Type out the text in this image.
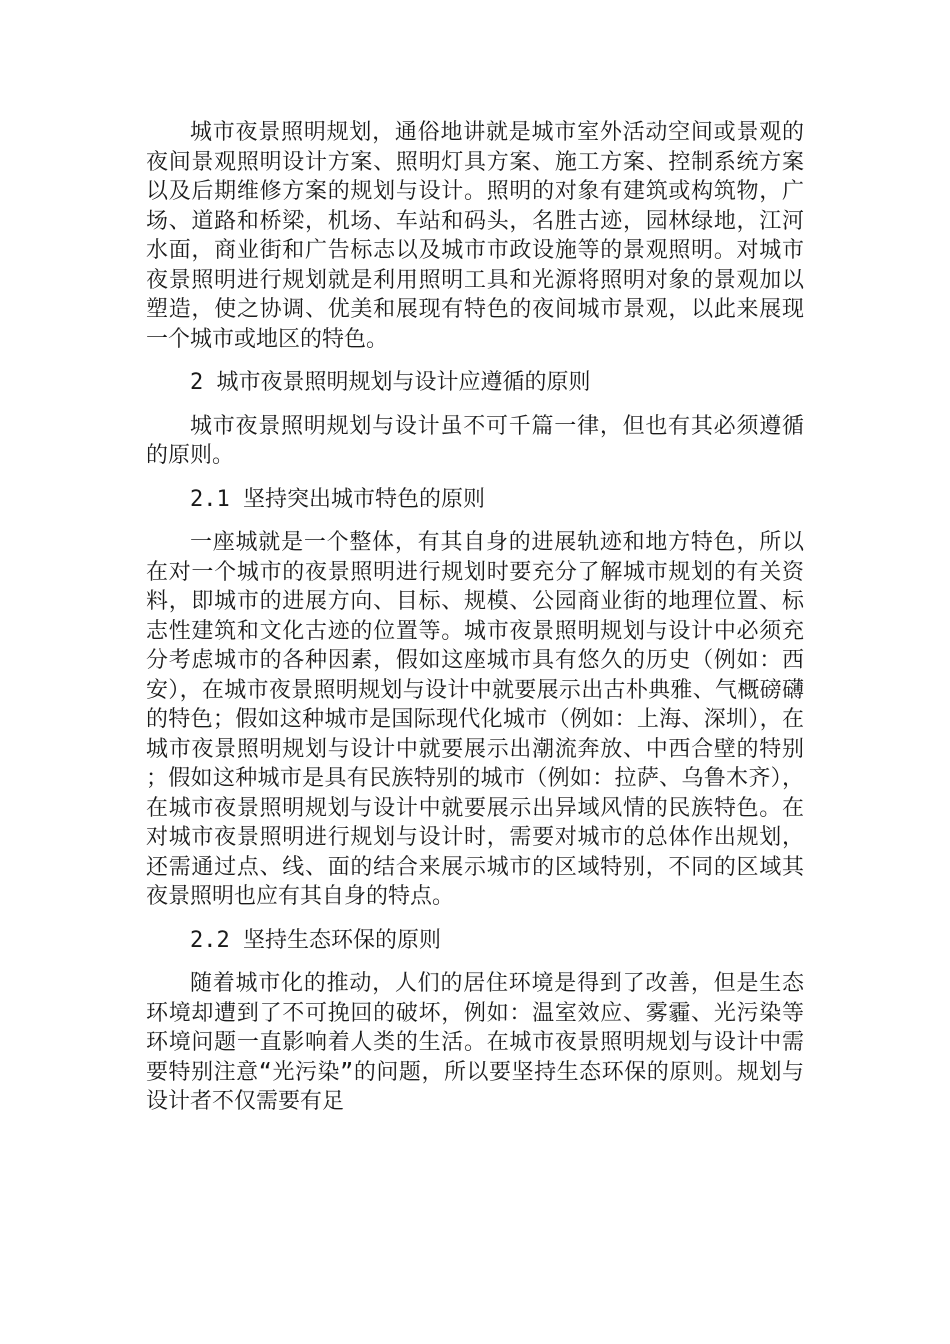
城市夜景照明规划，通俗地讲就是城市室外活动空间或景观的夜间景观照明设计方案、照明灯具方案、施工方案、控制系统方案以及后期维修方案的规划与设计。照明的对象有建筑或构筑物，广场、道路和桥梁，机场、车站和码头，名胜古迹，园林绿地，江河水面，商业街和广告标志以及城市市政设施等的景观照明。对城市夜景照明进行规划就是利用照明工具和光源将照明对象的景观加以塑造，使之协调、优美和展现有特色的夜间城市景观，以此来展现一个城市或地区的特色。

2 城市夜景照明规划与设计应遵循的原则

城市夜景照明规划与设计虽不可千篇一律，但也有其必须遵循的原则。

2.1 坚持突出城市特色的原则

一座城就是一个整体，有其自身的进展轨迹和地方特色，所以在对一个城市的夜景照明进行规划时要充分了解城市规划的有关资料，即城市的进展方向、目标、规模、公园商业街的地理位置、标志性建筑和文化古迹的位置等。城市夜景照明规划与设计中必须充分考虑城市的各种因素，假如这座城市具有悠久的历史（例如：西安），在城市夜景照明规划与设计中就要展示出古朴典雅、气概磅礴的特色；假如这种城市是国际现代化城市（例如：上海、深圳），在城市夜景照明规划与设计中就要展示出潮流奔放、中西合壁的特别；假如这种城市是具有民族特别的城市（例如：拉萨、乌鲁木齐），在城市夜景照明规划与设计中就要展示出异域风情的民族特色。在对城市夜景照明进行规划与设计时，需要对城市的总体作出规划，还需通过点、线、面的结合来展示城市的区域特别，不同的区域其夜景照明也应有其自身的特点。

2.2 坚持生态环保的原则

随着城市化的推动，人们的居住环境是得到了改善，但是生态环境却遭到了不可挽回的破坏，例如：温室效应、雾霾、光污染等环境问题一直影响着人类的生活。在城市夜景照明规划与设计中需要特别注意“光污染”的问题，所以要坚持生态环保的原则。规划与设计者不仅需要有足
